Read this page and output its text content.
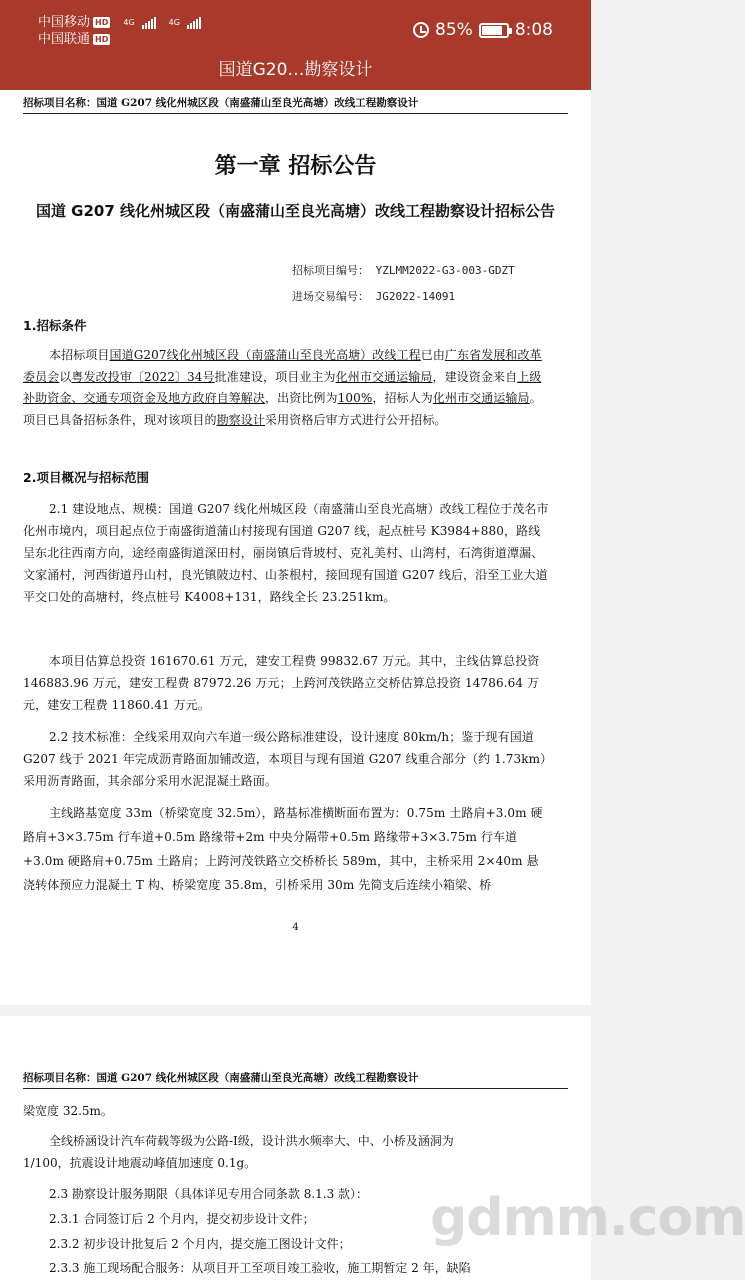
中国移动 HD 4G	4G
中国联通 HD	85% 8:08
国道G20…勘察设计
招标项目名称：国道 G207 线化州城区段（南盛蒲山至良光高塘）改线工程勘察设计
第一章 招标公告
国道 G207 线化州城区段（南盛蒲山至良光高塘）改线工程勘察设计招标公告
招标项目编号： YZLMM2022-G3-003-GDZT
进场交易编号： JG2022-14091
1.招标条件
本招标项目国道G207线化州城区段（南盛蒲山至良光高塘）改线工程已由广东省发展和改革委员会以粤发改投审〔2022〕34号批准建设，项目业主为化州市交通运输局，建设资金来自上级补助资金、交通专项资金及地方政府自筹解决，出资比例为100%，招标人为化州市交通运输局。项目已具备招标条件，现对该项目的勘察设计采用资格后审方式进行公开招标。
2.项目概况与招标范围
2.1 建设地点、规模：国道 G207 线化州城区段（南盛蒲山至良光高塘）改线工程位于茂名市化州市境内，项目起点位于南盛街道蒲山村接现有国道 G207 线，起点桩号 K3984+880，路线呈东北往西南方向，途经南盛街道深田村，丽岗镇后背坡村、克礼美村、山湾村，石湾街道潭漏、文家涌村，河西街道丹山村，良光镇陂边村、山茶根村，接回现有国道 G207 线后，沿至工业大道平交口处的高塘村，终点桩号 K4008+131，路线全长 23.251km。
本项目估算总投资 161670.61 万元，建安工程费 99832.67 万元。其中，主线估算总投资 146883.96 万元，建安工程费 87972.26 万元；上跨河茂铁路立交桥估算总投资 14786.64 万元，建安工程费 11860.41 万元。
2.2 技术标准：全线采用双向六车道一级公路标准建设，设计速度 80km/h；鉴于现有国道 G207 线于 2021 年完成沥青路面加铺改造，本项目与现有国道 G207 线重合部分（约 1.73km）采用沥青路面，其余部分采用水泥混凝土路面。
主线路基宽度 33m（桥梁宽度 32.5m），路基标准横断面布置为：0.75m 土路肩+3.0m 硬路肩+3×3.75m 行车道+0.5m 路缘带+2m 中央分隔带+0.5m 路缘带+3×3.75m 行车道+3.0m 硬路肩+0.75m 土路肩；上跨河茂铁路立交桥桥长 589m，其中，主桥采用 2×40m 悬浇转体预应力混凝土 T 构、桥梁宽度 35.8m，引桥采用 30m 先简支后连续小箱梁、桥
4
招标项目名称：国道 G207 线化州城区段（南盛蒲山至良光高塘）改线工程勘察设计
梁宽度 32.5m。
全线桥涵设计汽车荷载等级为公路-Ⅰ级，设计洪水频率大、中、小桥及涵洞为
1/100，抗震设计地震动峰值加速度 0.1g。
2.3 勘察设计服务期限（具体详见专用合同条款 8.1.3 款）：
2.3.1 合同签订后 2 个月内，提交初步设计文件；
2.3.2 初步设计批复后 2 个月内，提交施工图设计文件；
2.3.3 施工现场配合服务：从项目开工至项目竣工验收，施工期暂定 2 年，缺陷
gdmm.com
